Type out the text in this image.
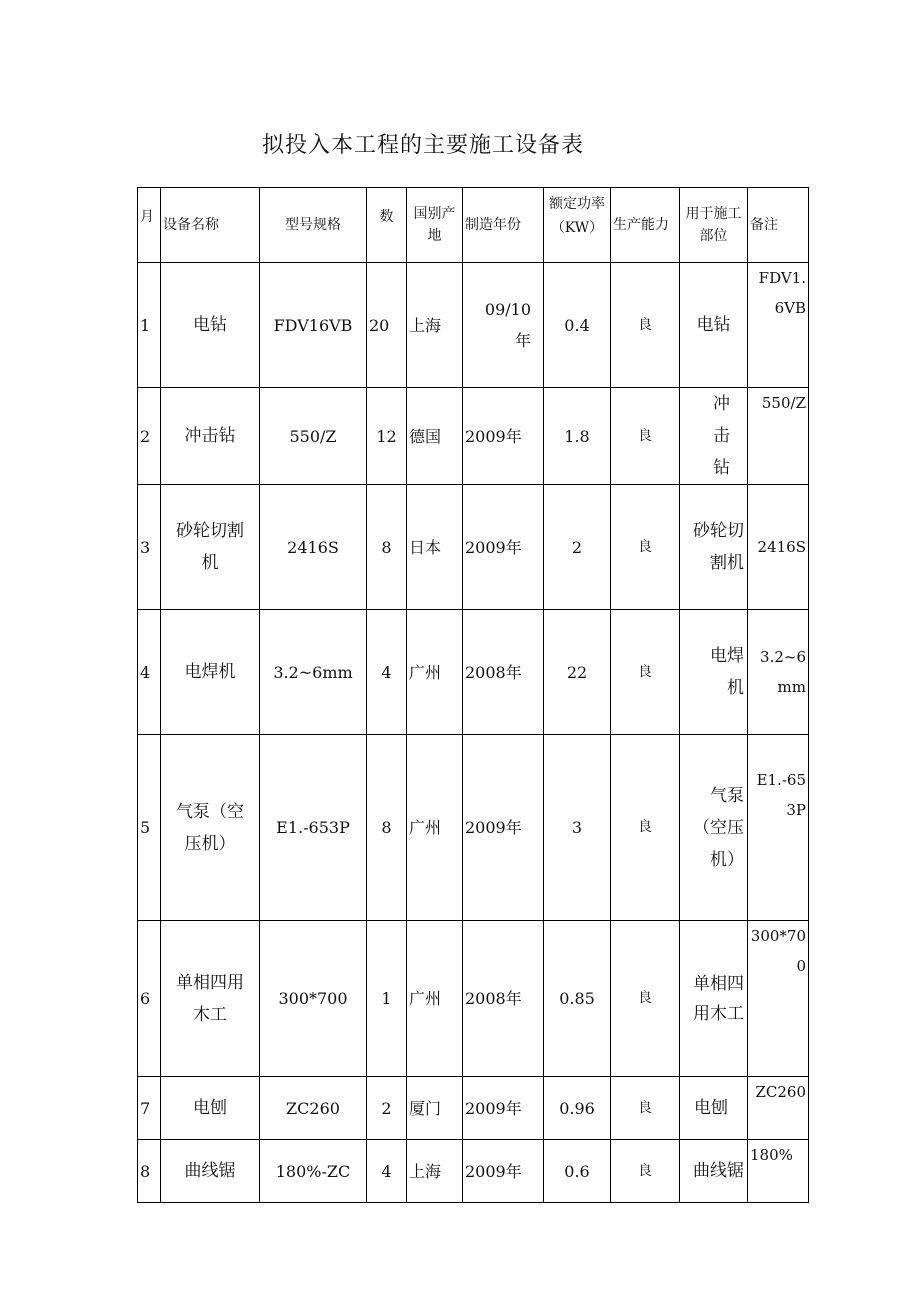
拟投入本工程的主要施工设备表
月	设备名称	型号规格	数	国别产地	制造年份	额定功率（KW）	生产能力	用于施工部位	备注
1	电钻	FDV16VB	20	上海	09/10年	0.4	良	电钻	FDV1.6VB
2	冲击钻	550/Z	12	德国	2009年	1.8	良	冲击钻	550/Z
3	砂轮切割机	2416S	8	日本	2009年	2	良	砂轮切割机	2416S
4	电焊机	3.2~6mm	4	广州	2008年	22	良	电焊机	3.2~6mm
5	气泵（空压机）	E1.-653P	8	广州	2009年	3	良	气泵（空压机）	E1.-653P
6	单相四用木工	300*700	1	广州	2008年	0.85	良	单相四用木工	300*700
7	电刨	ZC260	2	厦门	2009年	0.96	良	电刨	ZC260
8	曲线锯	180%-ZC	4	上海	2009年	0.6	良	曲线锯	180%
